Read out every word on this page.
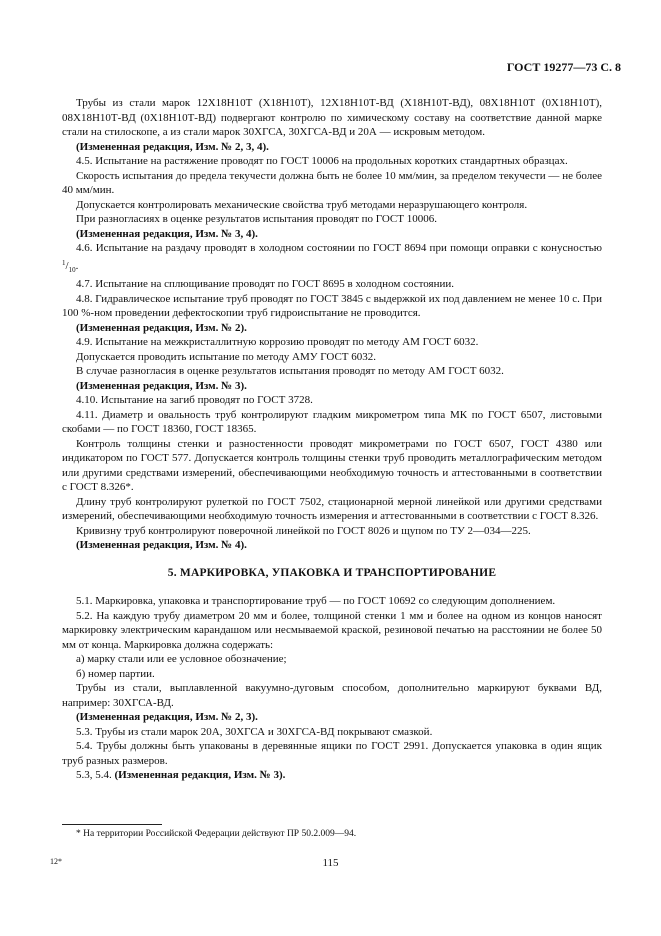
ГОСТ 19277—73 С. 8

Трубы из стали марок 12Х18Н10Т (Х18Н10Т), 12Х18Н10Т-ВД (Х18Н10Т-ВД), 08Х18Н10Т (0Х18Н10Т), 08Х18Н10Т-ВД (0Х18Н10Т-ВД) подвергают контролю по химическому составу на соответствие данной марке стали на стилоскопе, а из стали марок 30ХГСА, 30ХГСА-ВД и 20А — искровым методом.

(Измененная редакция, Изм. № 2, 3, 4).

4.5. Испытание на растяжение проводят по ГОСТ 10006 на продольных коротких стандартных образцах.

Скорость испытания до предела текучести должна быть не более 10 мм/мин, за пределом текучести — не более 40 мм/мин.

Допускается контролировать механические свойства труб методами неразрушающего контроля.

При разногласиях в оценке результатов испытания проводят по ГОСТ 10006.

(Измененная редакция, Изм. № 3, 4).

4.6. Испытание на раздачу проводят в холодном состоянии по ГОСТ 8694 при помощи оправки с конусностью $^1/_{10}$.

4.7. Испытание на сплющивание проводят по ГОСТ 8695 в холодном состоянии.

4.8. Гидравлическое испытание труб проводят по ГОСТ 3845 с выдержкой их под давлением не менее 10 с. При 100 %-ном проведении дефектоскопии труб гидроиспытание не проводится.

(Измененная редакция, Изм. № 2).

4.9. Испытание на межкристаллитную коррозию проводят по методу АМ ГОСТ 6032.

Допускается проводить испытание по методу АМУ ГОСТ 6032.

В случае разногласия в оценке результатов испытания проводят по методу АМ ГОСТ 6032.

(Измененная редакция, Изм. № 3).

4.10. Испытание на загиб проводят по ГОСТ 3728.

4.11. Диаметр и овальность труб контролируют гладким микрометром типа МК по ГОСТ 6507, листовыми скобами — по ГОСТ 18360, ГОСТ 18365.

Контроль толщины стенки и разностенности проводят микрометрами по ГОСТ 6507, ГОСТ 4380 или индикатором по ГОСТ 577. Допускается контроль толщины стенки труб проводить металлографическим методом или другими средствами измерений, обеспечивающими необходимую точность и аттестованными в соответствии с ГОСТ 8.326*.

Длину труб контролируют рулеткой по ГОСТ 7502, стационарной мерной линейкой или другими средствами измерений, обеспечивающими необходимую точность измерения и аттестованными в соответствии с ГОСТ 8.326.

Кривизну труб контролируют поверочной линейкой по ГОСТ 8026 и щупом по ТУ 2—034—225.

(Измененная редакция, Изм. № 4).

5. МАРКИРОВКА, УПАКОВКА И ТРАНСПОРТИРОВАНИЕ

5.1. Маркировка, упаковка и транспортирование труб — по ГОСТ 10692 со следующим дополнением.

5.2. На каждую трубу диаметром 20 мм и более, толщиной стенки 1 мм и более на одном из концов наносят маркировку электрическим карандашом или несмываемой краской, резиновой печатью на расстоянии не более 50 мм от конца. Маркировка должна содержать:

а) марку стали или ее условное обозначение;

б) номер партии.

Трубы из стали, выплавленной вакуумно-дуговым способом, дополнительно маркируют буквами ВД, например: 30ХГСА-ВД.

(Измененная редакция, Изм. № 2, 3).

5.3. Трубы из стали марок 20А, 30ХГСА и 30ХГСА-ВД покрывают смазкой.

5.4. Трубы должны быть упакованы в деревянные ящики по ГОСТ 2991. Допускается упаковка в один ящик труб разных размеров.

5.3, 5.4. (Измененная редакция, Изм. № 3).

* На территории Российской Федерации действуют ПР 50.2.009—94.
12*	115
